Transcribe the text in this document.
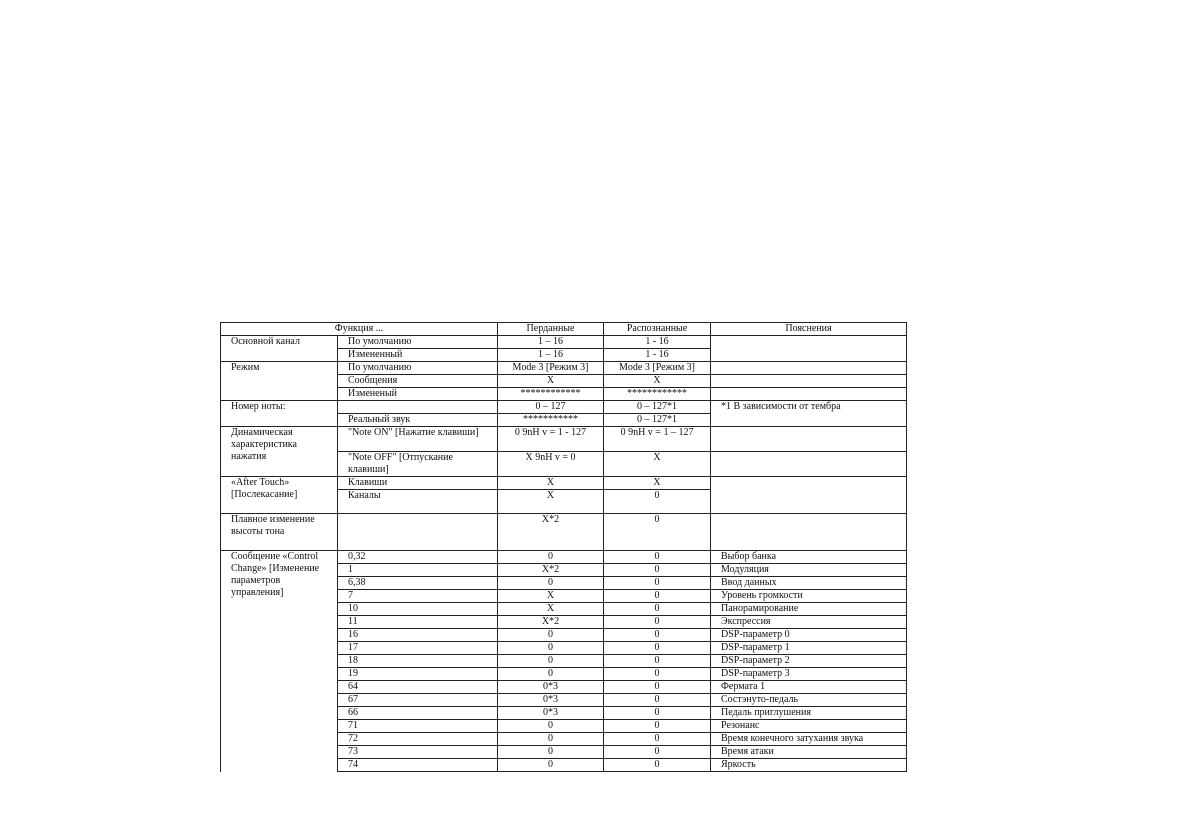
Функция ...		Перданные	Распознанные	Пояснения
Основной канал	По умолчанию	1 – 16	1 - 16	
	Измененный	1 – 16	1 - 16	
Режим	По умолчанию	Mode 3 [Режим 3]	Mode 3 [Режим 3]	
	Сообщения	X	X	
	Измененый	************	************	
Номер ноты:		0 – 127	0 – 127*1	*1 В зависимости от тембра
	Реальный звук	***********	0 – 127*1	
Динамическая характеристика нажатия	"Note ON" [Нажатие клавиши]	0 9nH v = 1 - 127	0 9nH v = 1 – 127	
	"Note OFF" [Отпускание клавиши]	X 9nH v = 0	X	
«After Touch» [Послекасание]	Клавиши	X	X	
	Каналы	X	0	
Плавное изменение высоты тона		X*2	0	
Сообщение «Control Change» [Изменение параметров управления]	0,32	0	0	Выбор банка
	1	X*2	0	Модуляция
	6,38	0	0	Ввод данных
	7	X	0	Уровень громкости
	10	X	0	Панорамирование
	11	X*2	0	Экспрессия
	16	0	0	DSP-параметр 0
	17	0	0	DSP-параметр 1
	18	0	0	DSP-параметр 2
	19	0	0	DSP-параметр 3
	64	0*3	0	Фермата 1
	67	0*3	0	Состэнуто-педаль
	66	0*3	0	Педаль приглушения
	71	0	0	Резонанс
	72	0	0	Время конечного затухания звука
	73	0	0	Время атаки
	74	0	0	Яркость
